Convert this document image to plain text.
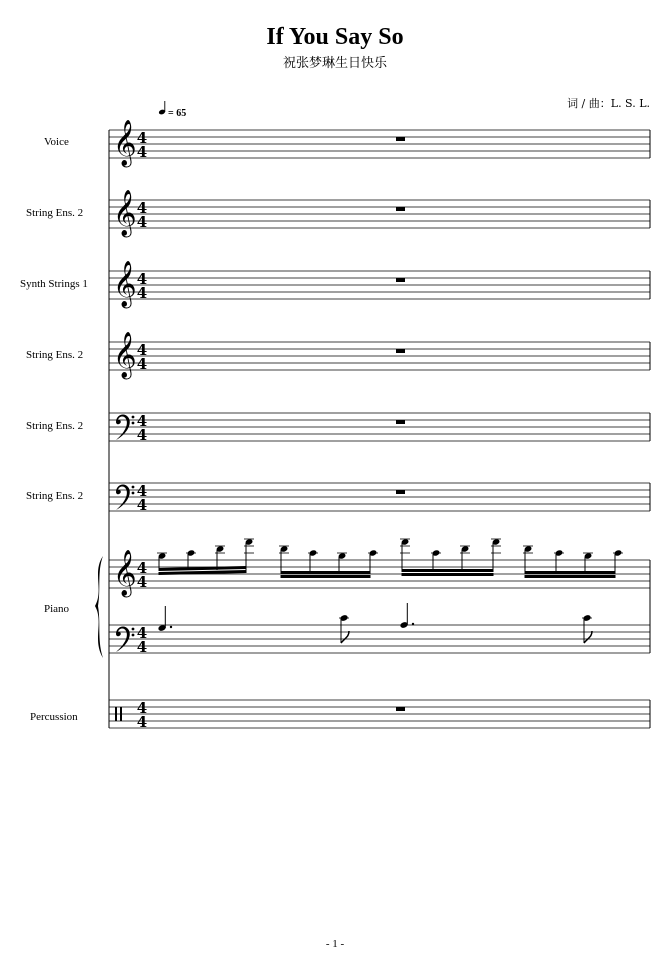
If You Say So
祝张梦琳生日快乐
词 / 曲：L. S. L.
Voice
String Ens. 2
Synth Strings 1
String Ens. 2
String Ens. 2
String Ens. 2
Piano
Percussion
= 65
𝄞
𝄞
𝄞
𝄞
𝄞
4
4
4
4
4
4
4
4
4
4
4
4
4
4
4
4
4
4
- 1 -
